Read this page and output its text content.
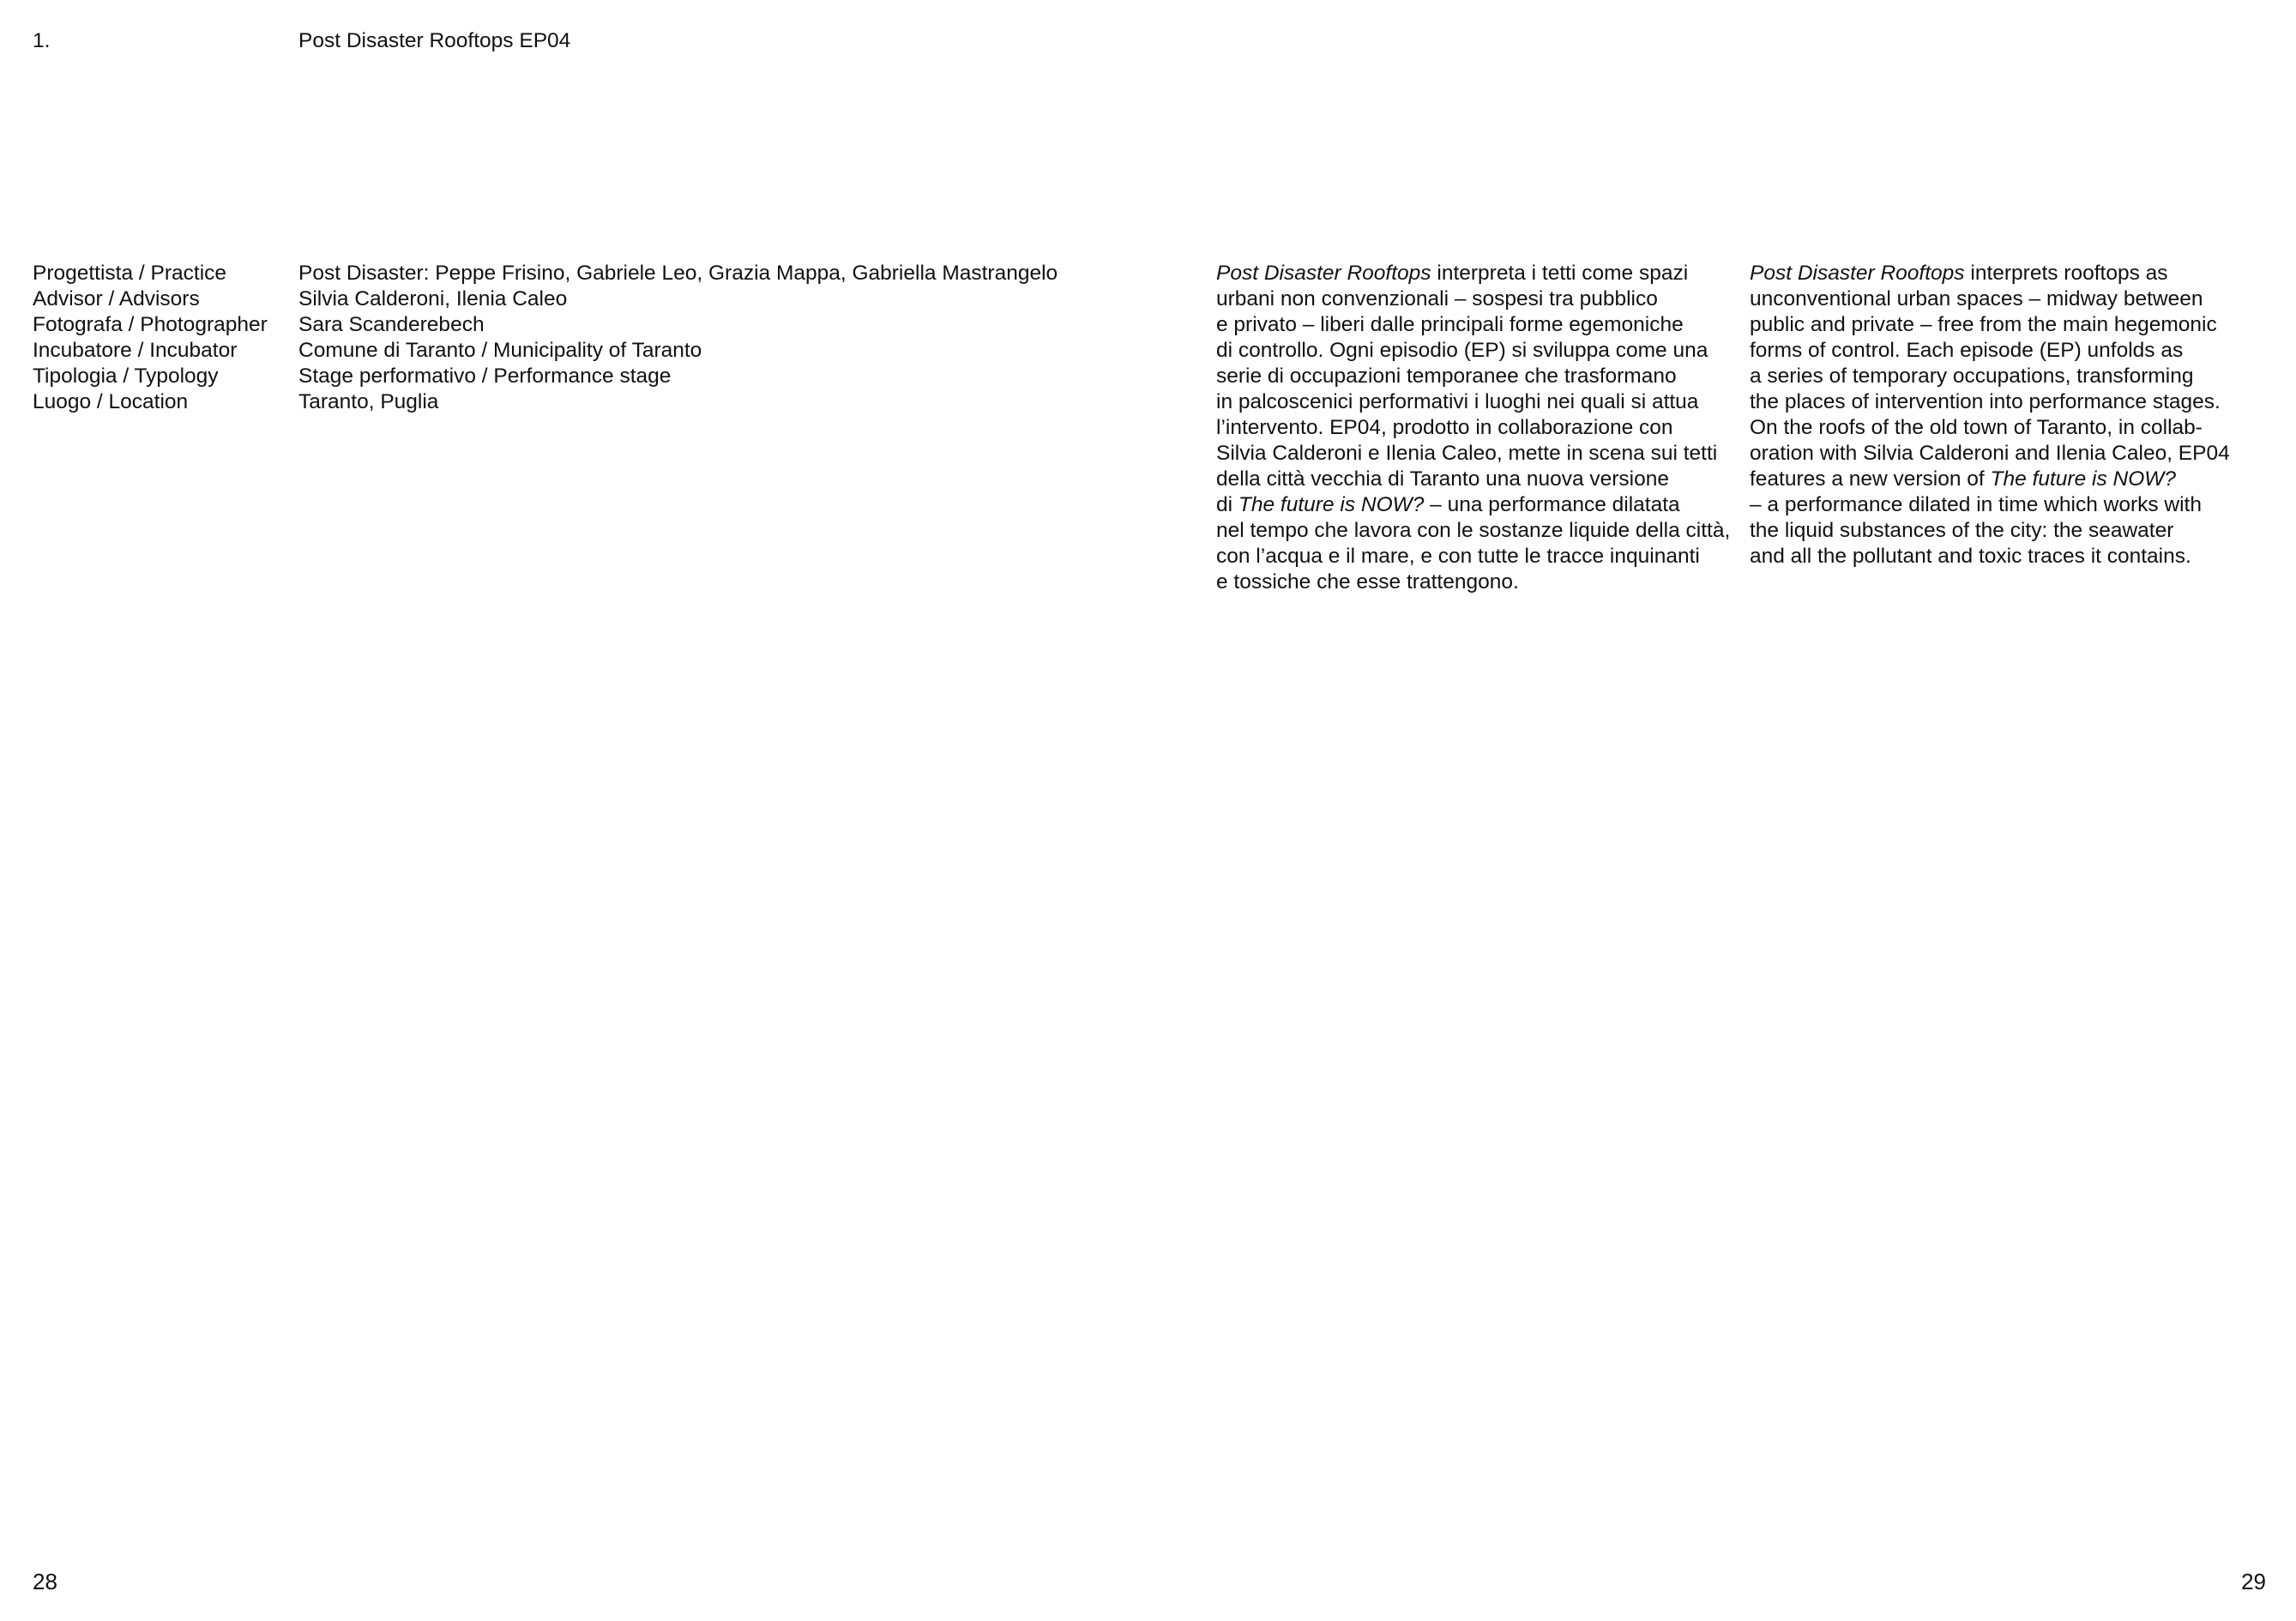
1.	Post Disaster Rooftops EP04
Progettista / Practice
Advisor / Advisors
Fotografa / Photographer
Incubatore / Incubator
Tipologia / Typology
Luogo / Location
Post Disaster: Peppe Frisino, Gabriele Leo, Grazia Mappa, Gabriella Mastrangelo
Silvia Calderoni, Ilenia Caleo
Sara Scanderebech
Comune di Taranto / Municipality of Taranto
Stage performativo / Performance stage
Taranto, Puglia
Post Disaster Rooftops interpreta i tetti come spazi
urbani non convenzionali – sospesi tra pubblico
e privato – liberi dalle principali forme egemoniche
di controllo. Ogni episodio (EP) si sviluppa come una
serie di occupazioni temporanee che trasformano
in palcoscenici performativi i luoghi nei quali si attua
l’intervento. EP04, prodotto in collaborazione con
Silvia Calderoni e Ilenia Caleo, mette in scena sui tetti
della città vecchia di Taranto una nuova versione
di The future is NOW? – una performance dilatata
nel tempo che lavora con le sostanze liquide della città,
con l’acqua e il mare, e con tutte le tracce inquinanti
e tossiche che esse trattengono.
Post Disaster Rooftops interprets rooftops as
unconventional urban spaces – midway between
public and private – free from the main hegemonic
forms of control. Each episode (EP) unfolds as
a series of temporary occupations, transforming
the places of intervention into performance stages.
On the roofs of the old town of Taranto, in collab-
oration with Silvia Calderoni and Ilenia Caleo, EP04
features a new version of The future is NOW?
– a performance dilated in time which works with
the liquid substances of the city: the seawater
and all the pollutant and toxic traces it contains.
28	29
